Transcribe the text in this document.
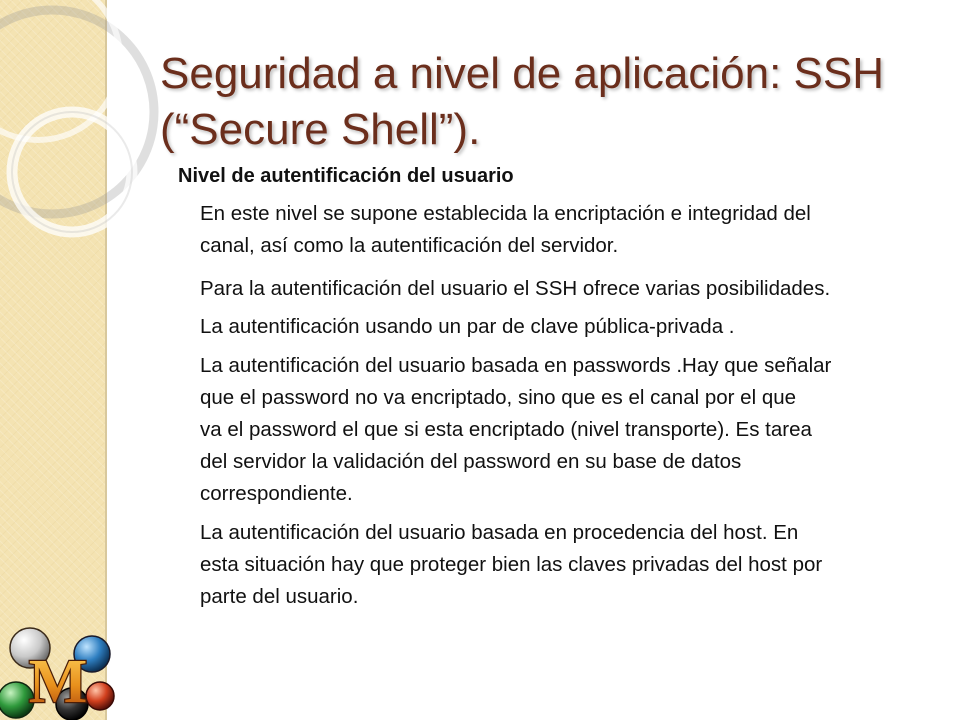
Seguridad a nivel de aplicación: SSH
(“Secure Shell”).

Nivel de autentificación del usuario

En este nivel se supone establecida la encriptación e integridad del
canal, así como la autentificación del servidor.
Para la autentificación del usuario el SSH ofrece varias posibilidades.
La autentificación usando un par de clave pública-privada .
La autentificación del usuario basada en passwords .Hay que señalar
que el password no va encriptado, sino que es el canal por el que
va el password el que si esta encriptado (nivel transporte). Es tarea
del servidor la validación del password en su base de datos
correspondiente.
La autentificación del usuario basada en procedencia del host. En
esta situación hay que proteger bien las claves privadas del host por
parte del usuario.
M
